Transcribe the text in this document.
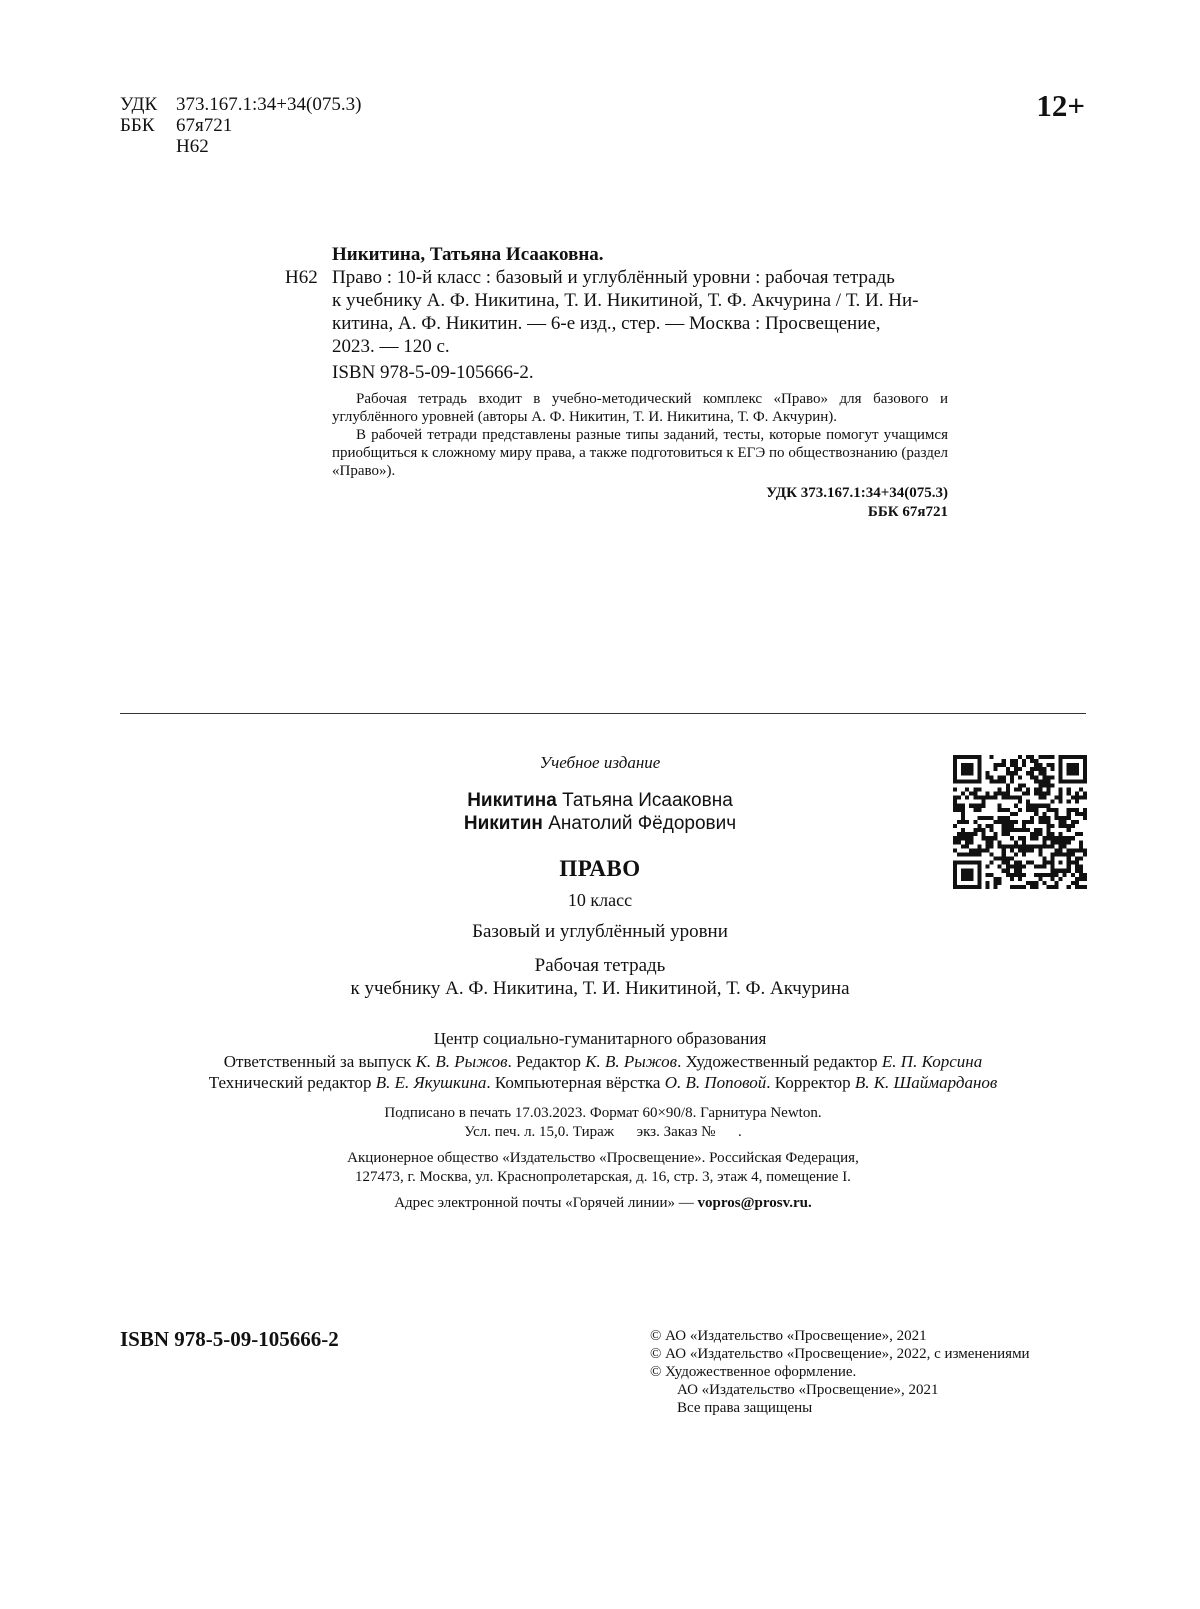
УДК 373.167.1:34+34(075.3)
ББК 67я721
Н62
12+
Никитина, Татьяна Исааковна.
Н62 Право : 10-й класс : базовый и углублённый уровни : рабочая тетрадь
к учебнику А. Ф. Никитина, Т. И. Никитиной, Т. Ф. Акчурина / Т. И. Ни-
китина, А. Ф. Никитин. — 6-е изд., стер. — Москва : Просвещение,
2023. — 120 с.
ISBN 978-5-09-105666-2.

Рабочая тетрадь входит в учебно-методический комплекс «Право» для базового и углублённого уровней (авторы А. Ф. Никитин, Т. И. Никитина, Т. Ф. Акчурин).

В рабочей тетради представлены разные типы заданий, тесты, которые помогут учащимся приобщиться к сложному миру права, а также подготовиться к ЕГЭ по обществознанию (раздел «Право»).

УДК 373.167.1:34+34(075.3)
ББК 67я721
Учебное издание
Никитина Татьяна Исааковна
Никитин Анатолий Фёдорович
ПРАВО
10 класс
Базовый и углублённый уровни
Рабочая тетрадь
к учебнику А. Ф. Никитина, Т. И. Никитиной, Т. Ф. Акчурина
Центр социально-гуманитарного образования
Ответственный за выпуск К. В. Рыжов. Редактор К. В. Рыжов. Художественный редактор Е. П. Корсина
Технический редактор В. Е. Якушкина. Компьютерная вёрстка О. В. Поповой. Корректор В. К. Шаймарданов
Подписано в печать 17.03.2023. Формат 60×90/8. Гарнитура Newton.
Усл. печ. л. 15,0. Тираж      экз. Заказ №      .
Акционерное общество «Издательство «Просвещение». Российская Федерация,
127473, г. Москва, ул. Краснопролетарская, д. 16, стр. 3, этаж 4, помещение I.
Адрес электронной почты «Горячей линии» — vopros@prosv.ru.
ISBN 978-5-09-105666-2	© АО «Издательство «Просвещение», 2021
© АО «Издательство «Просвещение», 2022, с изменениями
© Художественное оформление.
АО «Издательство «Просвещение», 2021
Все права защищены
